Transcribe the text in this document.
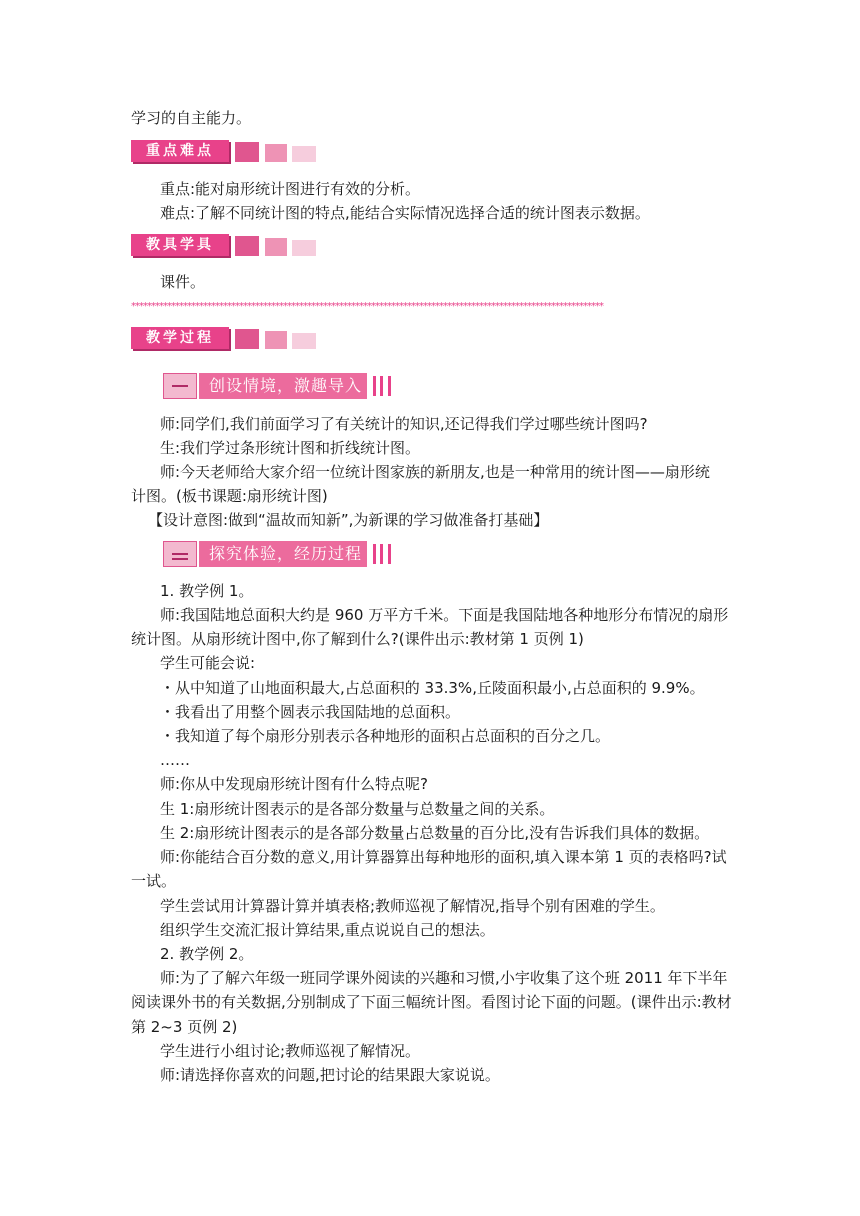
学习的自主能力。
重点难点
重点:能对扇形统计图进行有效的分析。
难点:了解不同统计图的特点,能结合实际情况选择合适的统计图表示数据。
教具学具
课件。
**********************************************************************************************************************
教学过程
创设情境，激趣导入
师:同学们,我们前面学习了有关统计的知识,还记得我们学过哪些统计图吗?
生:我们学过条形统计图和折线统计图。
师:今天老师给大家介绍一位统计图家族的新朋友,也是一种常用的统计图——扇形统
计图。(板书课题:扇形统计图)
【设计意图:做到“温故而知新”,为新课的学习做准备打基础】
探究体验，经历过程
1. 教学例 1。
师:我国陆地总面积大约是 960 万平方千米。下面是我国陆地各种地形分布情况的扇形
统计图。从扇形统计图中,你了解到什么?(课件出示:教材第 1 页例 1)
学生可能会说:
・从中知道了山地面积最大,占总面积的 33.3%,丘陵面积最小,占总面积的 9.9%。
・我看出了用整个圆表示我国陆地的总面积。
・我知道了每个扇形分别表示各种地形的面积占总面积的百分之几。
……
师:你从中发现扇形统计图有什么特点呢?
生 1:扇形统计图表示的是各部分数量与总数量之间的关系。
生 2:扇形统计图表示的是各部分数量占总数量的百分比,没有告诉我们具体的数据。
师:你能结合百分数的意义,用计算器算出每种地形的面积,填入课本第 1 页的表格吗?试
一试。
学生尝试用计算器计算并填表格;教师巡视了解情况,指导个别有困难的学生。
组织学生交流汇报计算结果,重点说说自己的想法。
2. 教学例 2。
师:为了了解六年级一班同学课外阅读的兴趣和习惯,小宇收集了这个班 2011 年下半年
阅读课外书的有关数据,分别制成了下面三幅统计图。看图讨论下面的问题。(课件出示:教材
第 2~3 页例 2)
学生进行小组讨论;教师巡视了解情况。
师:请选择你喜欢的问题,把讨论的结果跟大家说说。
